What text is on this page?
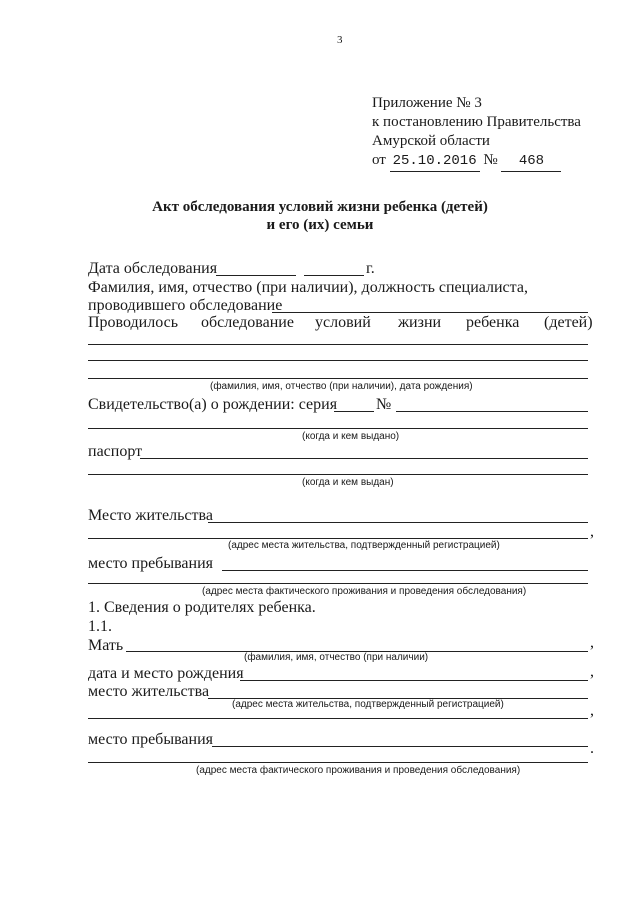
3
Приложение № 3
к постановлению Правительства
Амурской области
от 25.10.2016 № 468
Акт обследования условий жизни ребенка (детей)
и его (их) семьи
Дата обследования	г.
Фамилия, имя, отчество (при наличии), должность специалиста,
проводившего обследование
Проводилось обследование условий жизни ребенка (детей)
(фамилия, имя, отчество (при наличии), дата рождения)
Свидетельство(а) о рождении: серия №
(когда и кем выдано)
паспорт
(когда и кем выдан)
Место жительства
,
(адрес места жительства, подтвержденный регистрацией)
место пребывания
(адрес места фактического проживания и проведения обследования)
1. Сведения о родителях ребенка.
1.1.
Мать	,
(фамилия, имя, отчество (при наличии)
дата и место рождения	,
место жительства
(адрес места жительства, подтвержденный регистрацией)	,
место пребывания
.
(адрес места фактического проживания и проведения обследования)
